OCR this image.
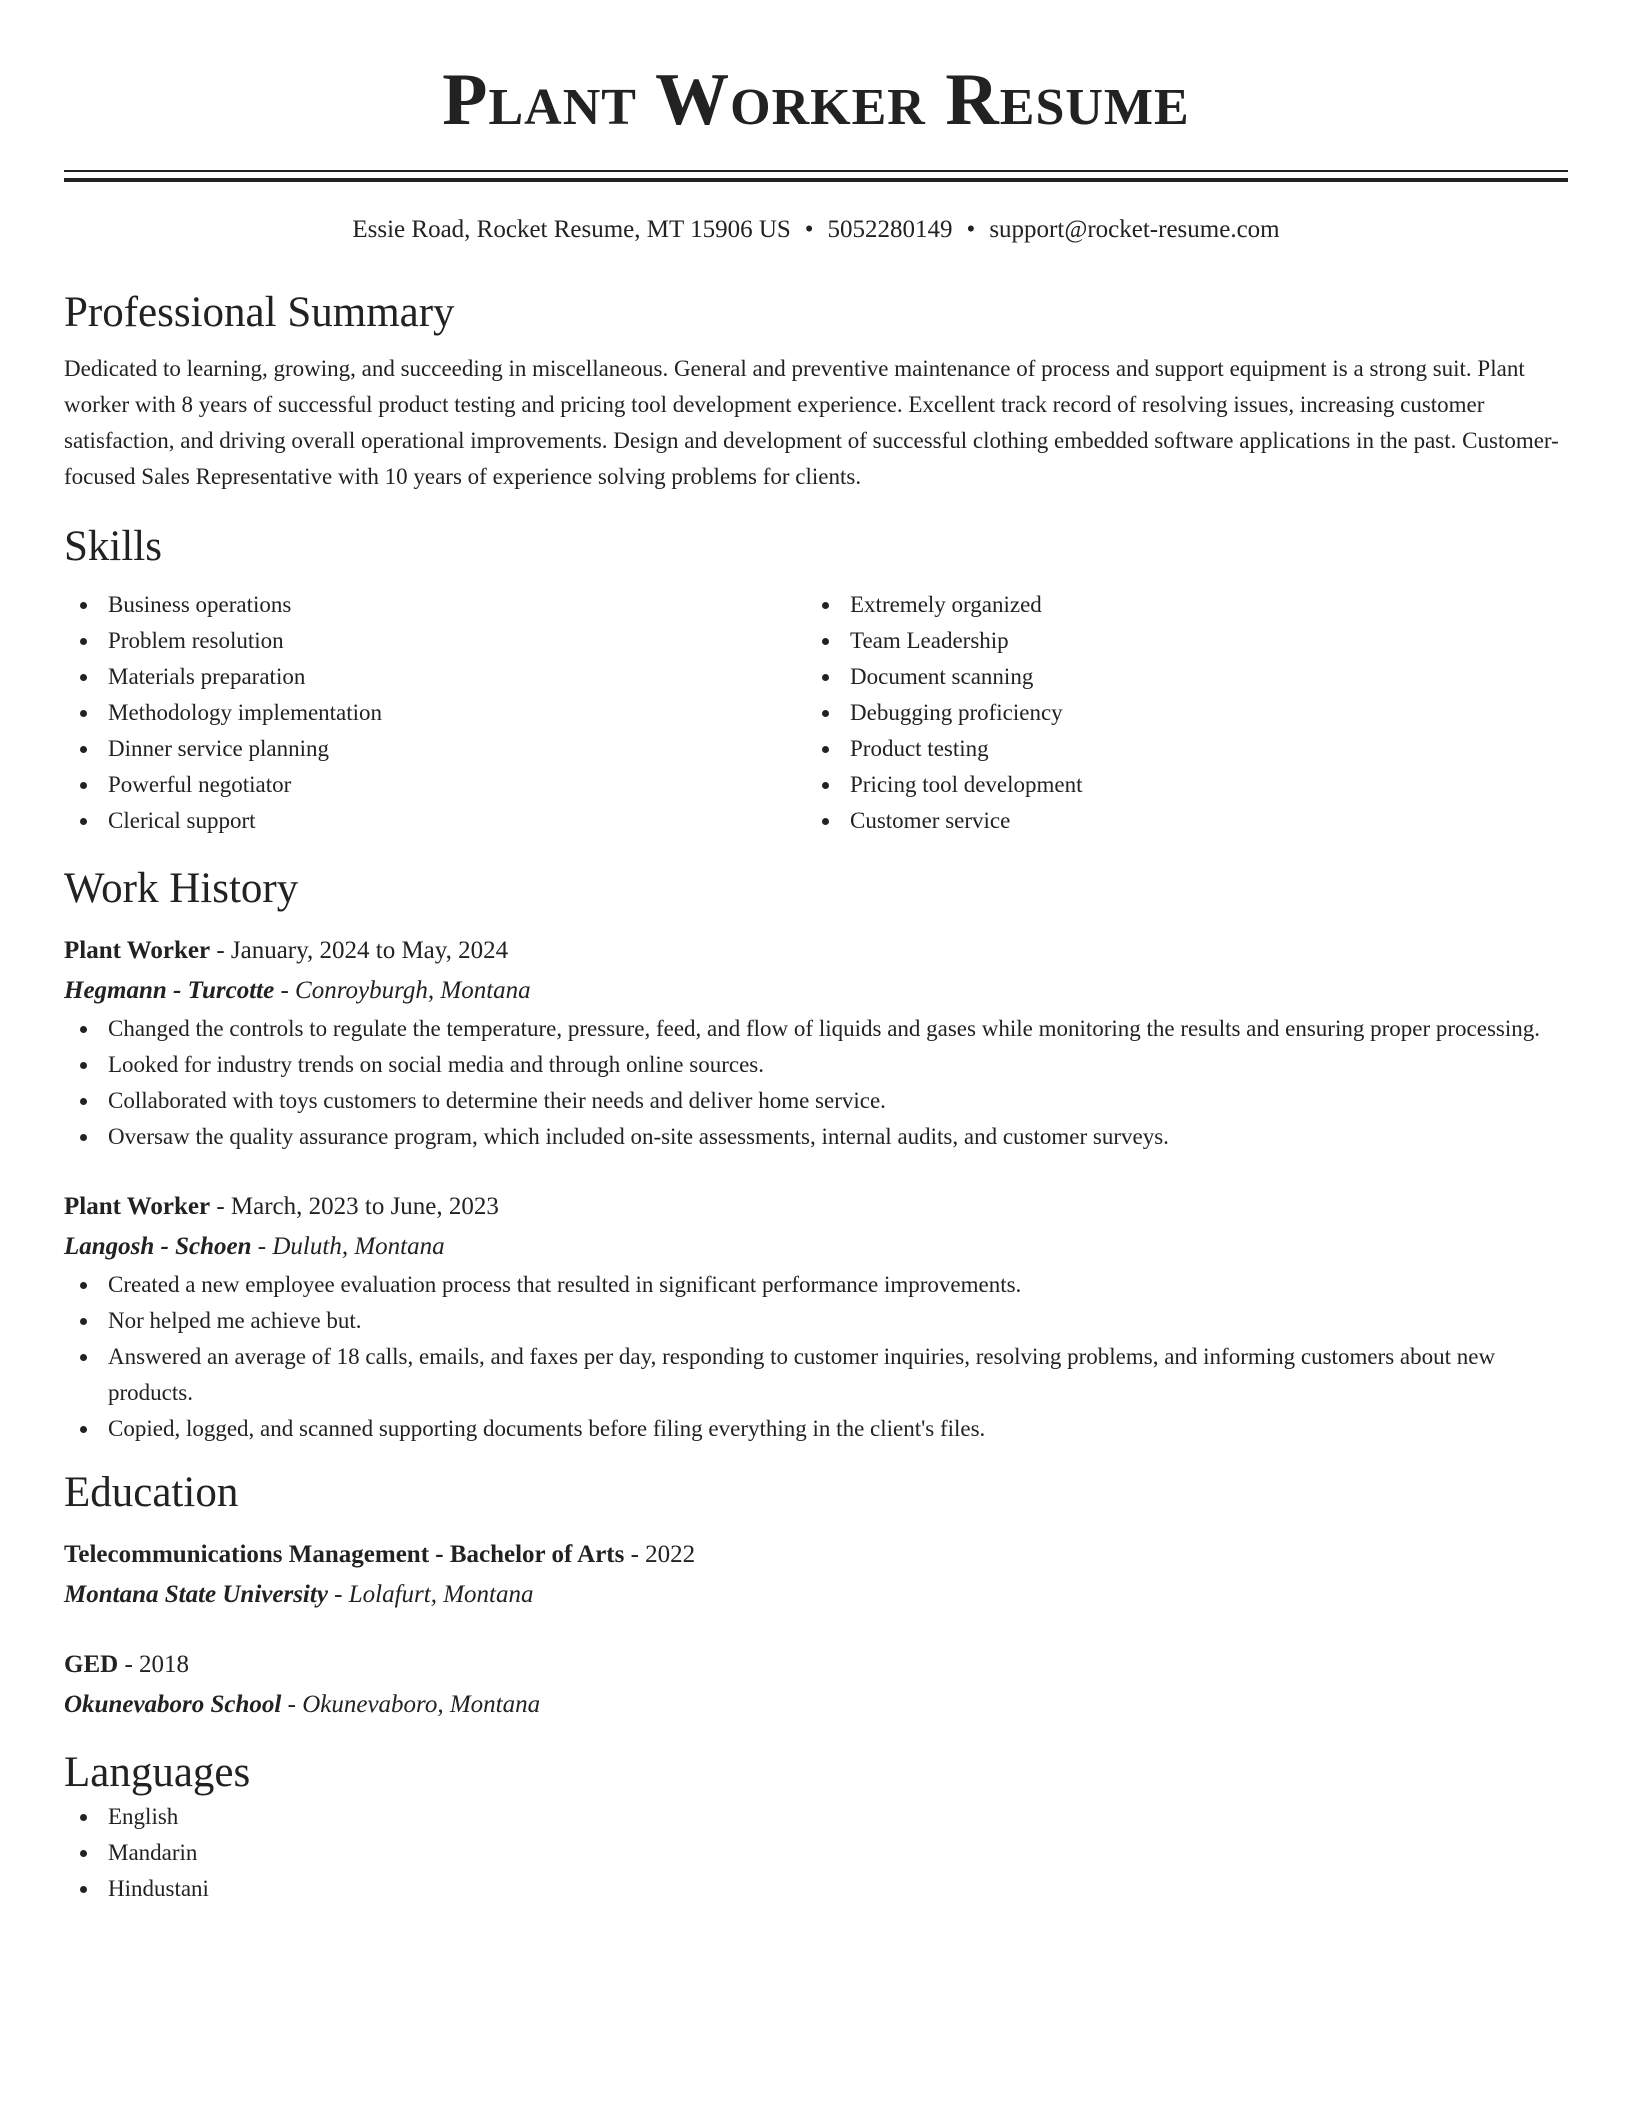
Plant Worker Resume
Essie Road, Rocket Resume, MT 15906 US • 5052280149 • support@rocket-resume.com
Professional Summary
Dedicated to learning, growing, and succeeding in miscellaneous. General and preventive maintenance of process and support equipment is a strong suit. Plant worker with 8 years of successful product testing and pricing tool development experience. Excellent track record of resolving issues, increasing customer satisfaction, and driving overall operational improvements. Design and development of successful clothing embedded software applications in the past. Customer-focused Sales Representative with 10 years of experience solving problems for clients.
Skills
Business operations
Problem resolution
Materials preparation
Methodology implementation
Dinner service planning
Powerful negotiator
Clerical support
Extremely organized
Team Leadership
Document scanning
Debugging proficiency
Product testing
Pricing tool development
Customer service
Work History
Plant Worker - January, 2024 to May, 2024
Hegmann - Turcotte - Conroyburgh, Montana
Changed the controls to regulate the temperature, pressure, feed, and flow of liquids and gases while monitoring the results and ensuring proper processing.
Looked for industry trends on social media and through online sources.
Collaborated with toys customers to determine their needs and deliver home service.
Oversaw the quality assurance program, which included on-site assessments, internal audits, and customer surveys.
Plant Worker - March, 2023 to June, 2023
Langosh - Schoen - Duluth, Montana
Created a new employee evaluation process that resulted in significant performance improvements.
Nor helped me achieve but.
Answered an average of 18 calls, emails, and faxes per day, responding to customer inquiries, resolving problems, and informing customers about new products.
Copied, logged, and scanned supporting documents before filing everything in the client's files.
Education
Telecommunications Management - Bachelor of Arts - 2022
Montana State University - Lolafurt, Montana
GED - 2018
Okunevaboro School - Okunevaboro, Montana
Languages
English
Mandarin
Hindustani
